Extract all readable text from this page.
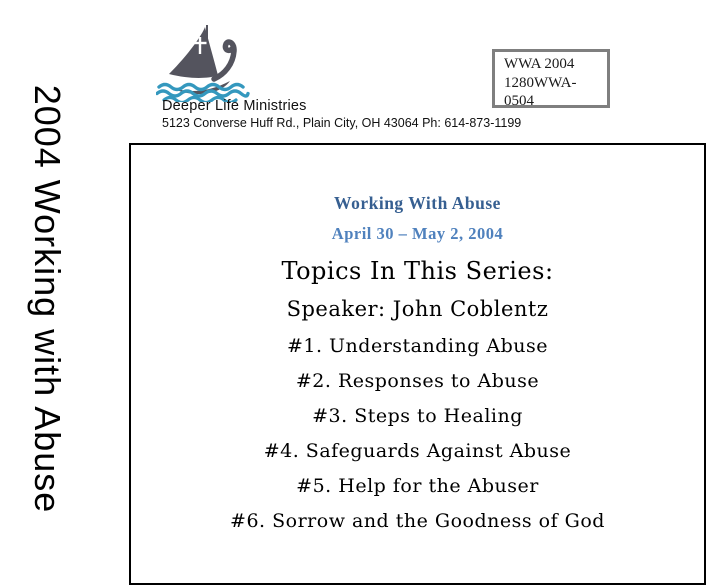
2004 Working with Abuse	Deeper Life Ministries
5123 Converse Huff Rd., Plain City, OH 43064 Ph: 614-873-1199
WWA 2004
1280WWA-
0504
Working With Abuse
April 30 – May 2, 2004
Topics In This Series:
Speaker: John Coblentz
#1. Understanding Abuse
#2. Responses to Abuse
#3. Steps to Healing
#4. Safeguards Against Abuse
#5. Help for the Abuser
#6. Sorrow and the Goodness of God
